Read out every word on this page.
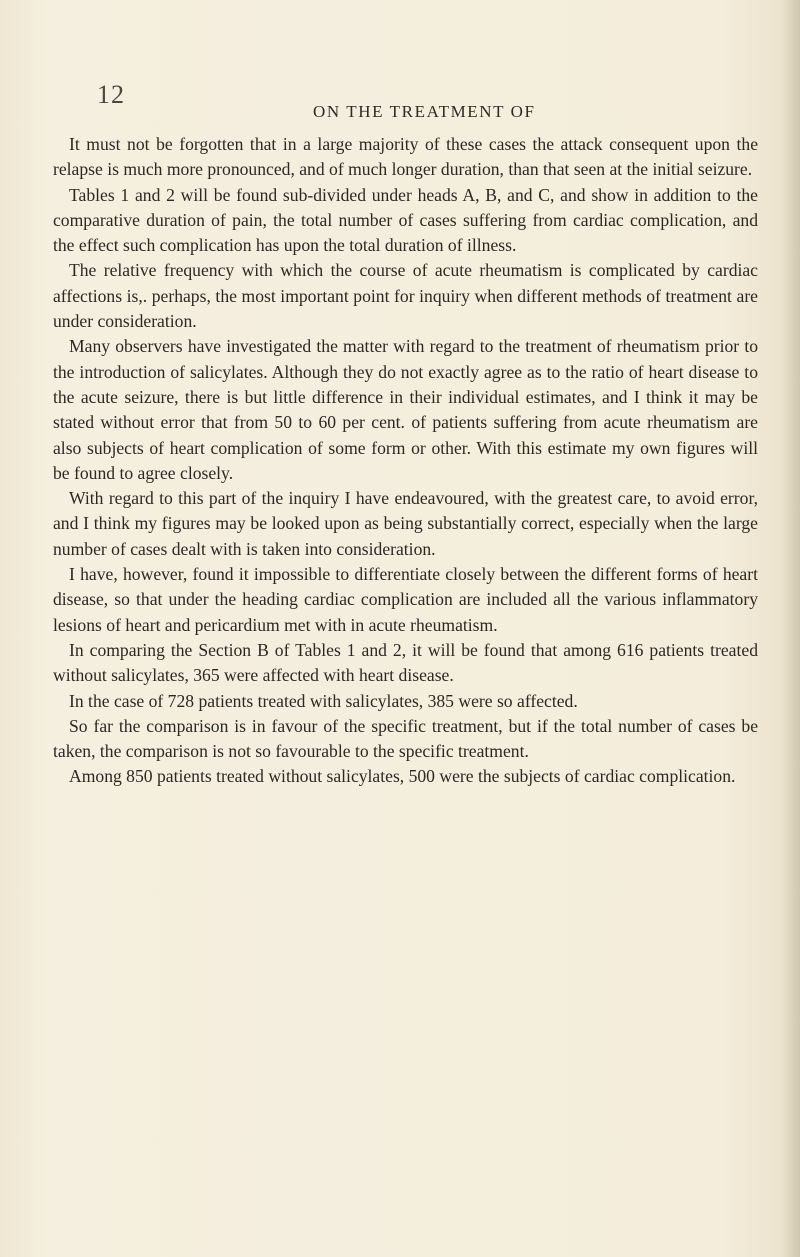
12
ON THE TREATMENT OF

It must not be forgotten that in a large majority of these cases the attack consequent upon the relapse is much more pronounced, and of much longer duration, than that seen at the initial seizure.

Tables 1 and 2 will be found sub-divided under heads A, B, and C, and show in addition to the comparative duration of pain, the total number of cases suffering from cardiac complication, and the effect such complication has upon the total duration of illness.

The relative frequency with which the course of acute rheumatism is complicated by cardiac affections is,. perhaps, the most important point for inquiry when different methods of treatment are under consideration.

Many observers have investigated the matter with regard to the treatment of rheumatism prior to the introduction of salicylates. Although they do not exactly agree as to the ratio of heart disease to the acute seizure, there is but little difference in their individual estimates, and I think it may be stated without error that from 50 to 60 per cent. of patients suffering from acute rheumatism are also subjects of heart complication of some form or other. With this estimate my own figures will be found to agree closely.

With regard to this part of the inquiry I have endeavoured, with the greatest care, to avoid error, and I think my figures may be looked upon as being substantially correct, especially when the large number of cases dealt with is taken into consideration.

I have, however, found it impossible to differentiate closely between the different forms of heart disease, so that under the heading cardiac complication are included all the various inflammatory lesions of heart and pericardium met with in acute rheumatism.

In comparing the Section B of Tables 1 and 2, it will be found that among 616 patients treated without salicylates, 365 were affected with heart disease.

In the case of 728 patients treated with salicylates, 385 were so affected.

So far the comparison is in favour of the specific treatment, but if the total number of cases be taken, the comparison is not so favourable to the specific treatment.

Among 850 patients treated without salicylates, 500 were the subjects of cardiac complication.
